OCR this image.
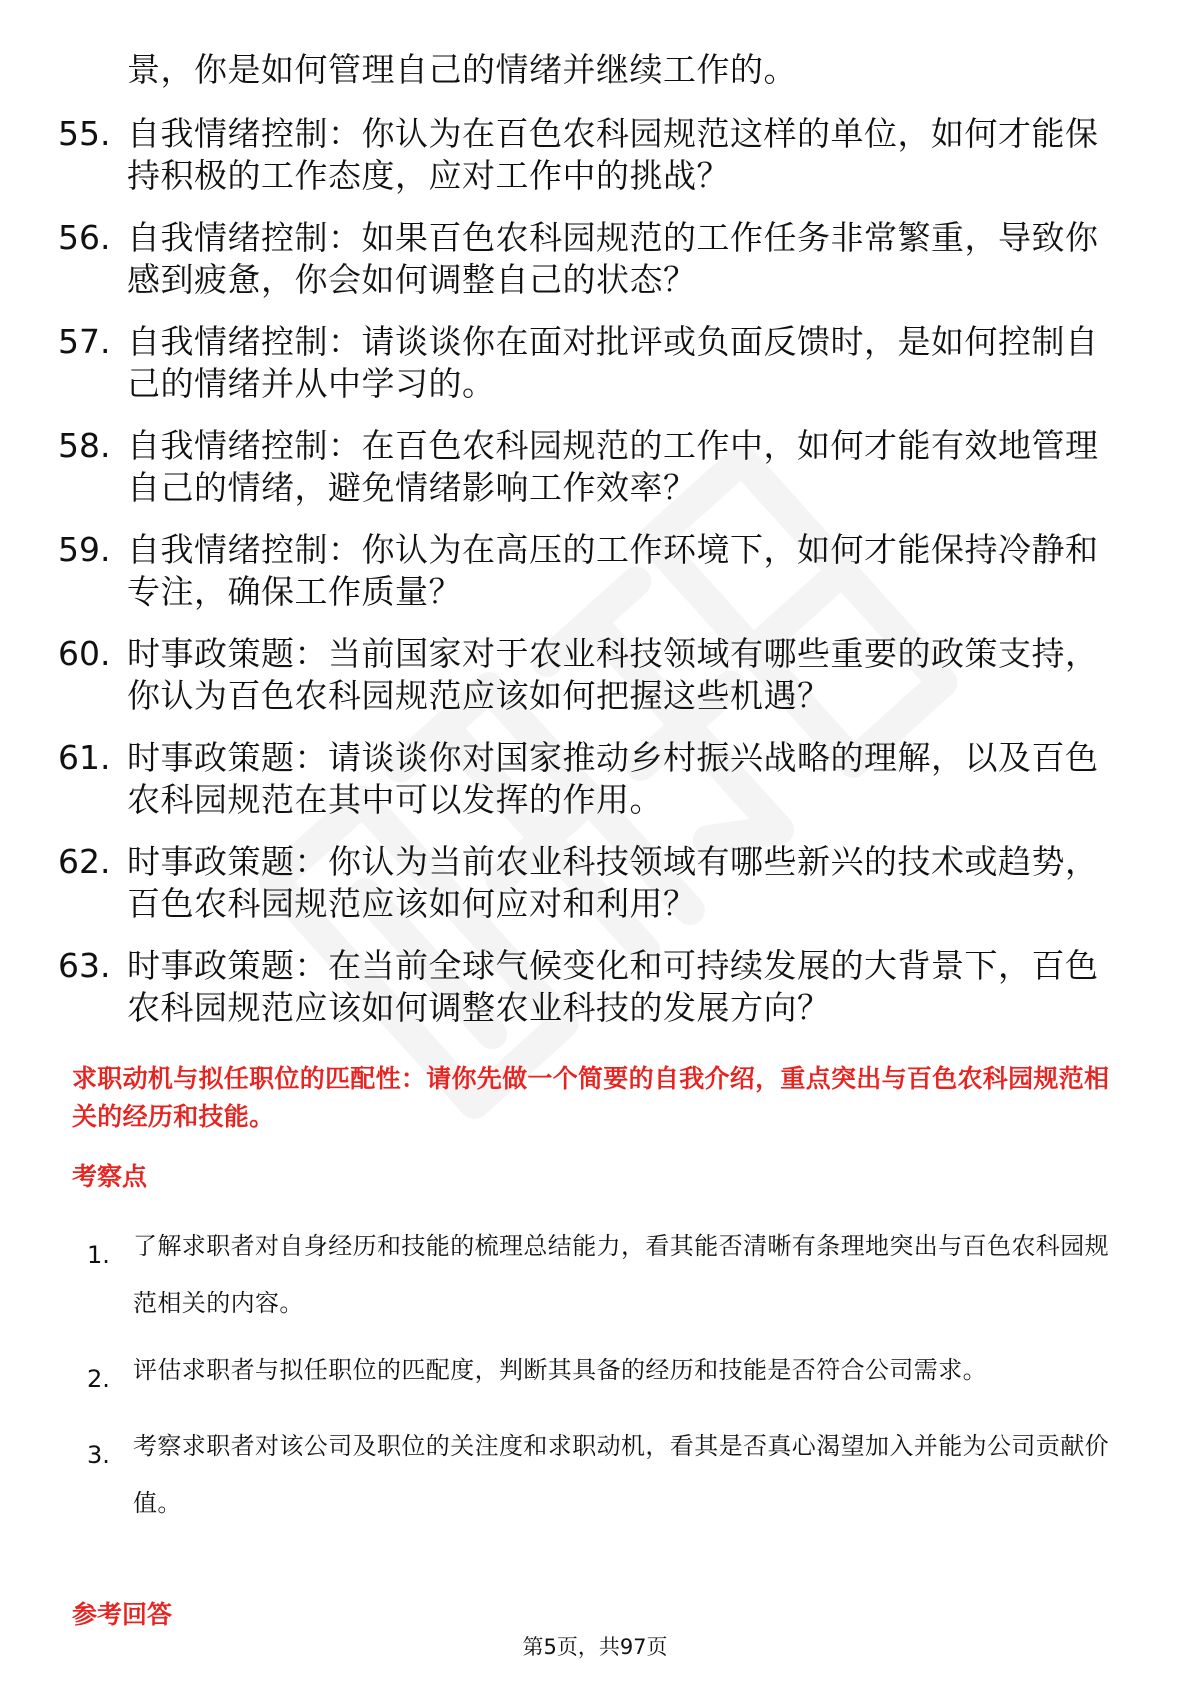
景，你是如何管理自己的情绪并继续工作的。
55. 自我情绪控制：你认为在百色农科园规范这样的单位，如何才能保持积极的工作态度，应对工作中的挑战？
56. 自我情绪控制：如果百色农科园规范的工作任务非常繁重，导致你感到疲惫，你会如何调整自己的状态？
57. 自我情绪控制：请谈谈你在面对批评或负面反馈时，是如何控制自己的情绪并从中学习的。
58. 自我情绪控制：在百色农科园规范的工作中，如何才能有效地管理自己的情绪，避免情绪影响工作效率？
59. 自我情绪控制：你认为在高压的工作环境下，如何才能保持冷静和专注，确保工作质量？
60. 时事政策题：当前国家对于农业科技领域有哪些重要的政策支持，你认为百色农科园规范应该如何把握这些机遇？
61. 时事政策题：请谈谈你对国家推动乡村振兴战略的理解，以及百色农科园规范在其中可以发挥的作用。
62. 时事政策题：你认为当前农业科技领域有哪些新兴的技术或趋势，百色农科园规范应该如何应对和利用？
63. 时事政策题：在当前全球气候变化和可持续发展的大背景下，百色农科园规范应该如何调整农业科技的发展方向？
求职动机与拟任职位的匹配性：请你先做一个简要的自我介绍，重点突出与百色农科园规范相关的经历和技能。
考察点
1. 了解求职者对自身经历和技能的梳理总结能力，看其能否清晰有条理地突出与百色农科园规范相关的内容。
2. 评估求职者与拟任职位的匹配度，判断其具备的经历和技能是否符合公司需求。
3. 考察求职者对该公司及职位的关注度和求职动机，看其是否真心渴望加入并能为公司贡献价值。
参考回答
第5页，共97页
